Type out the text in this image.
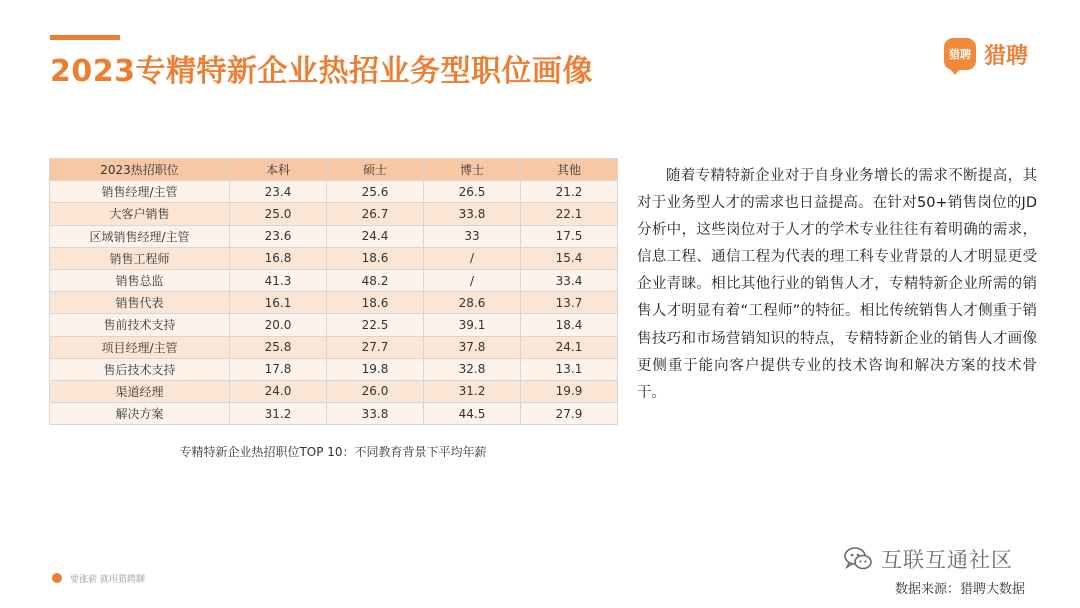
2023专精特新企业热招业务型职位画像	猎聘 猎聘
2023热招职位	本科	硕士	博士	其他
销售经理/主管	23.4	25.6	26.5	21.2
大客户销售	25.0	26.7	33.8	22.1
区域销售经理/主管	23.6	24.4	33	17.5
销售工程师	16.8	18.6	/	15.4
销售总监	41.3	48.2	/	33.4
销售代表	16.1	18.6	28.6	13.7
售前技术支持	20.0	22.5	39.1	18.4
项目经理/主管	25.8	27.7	37.8	24.1
售后技术支持	17.8	19.8	32.8	13.1
渠道经理	24.0	26.0	31.2	19.9
解决方案	31.2	33.8	44.5	27.9
专精特新企业热招职位TOP 10：不同教育背景下平均年薪

随着专精特新企业对于自身业务增长的需求不断提高，其对于业务型人才的需求也日益提高。在针对50+销售岗位的JD分析中，这些岗位对于人才的学术专业往往有着明确的需求，信息工程、通信工程为代表的理工科专业背景的人才明显更受企业青睐。相比其他行业的销售人才，专精特新企业所需的销售人才明显有着“工程师”的特征。相比传统销售人才侧重于销售技巧和市场营销知识的特点，专精特新企业的销售人才画像更侧重于能向客户提供专业的技术咨询和解决方案的技术骨干。

要涨薪 就用猎聘聊
互联互通社区
数据来源：猎聘大数据
